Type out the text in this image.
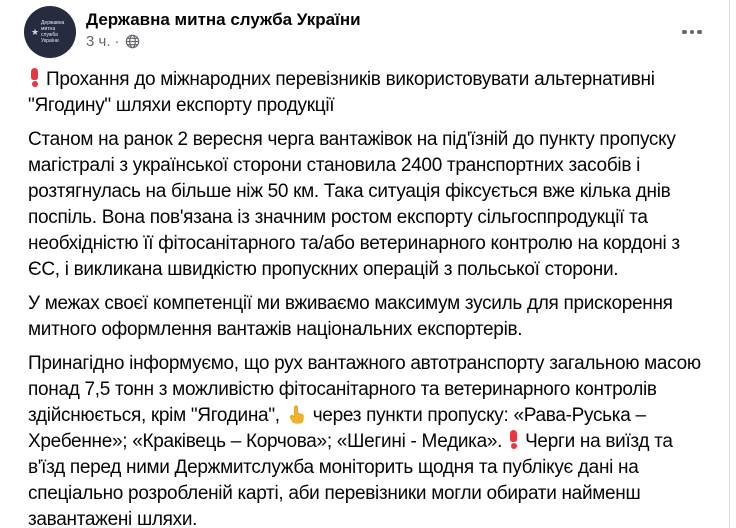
★
Державна митна служба України
Державна митна служба України
3 ч. ·

Прохання до міжнародних перевізників використовувати альтернативні "Ягодину" шляхи експорту продукції

Станом на ранок 2 вересня черга вантажівок на під'їзній до пункту пропуску магістралі з української сторони становила 2400 транспортних засобів і розтягнулась на більше ніж 50 км. Така ситуація фіксується вже кілька днів поспіль. Вона пов'язана із значним ростом експорту сільгосппродукції та необхідністю її фітосанітарного та/або ветеринарного контролю на кордоні з ЄС, і викликана швидкістю пропускних операцій з польської сторони.

У межах своєї компетенції ми вживаємо максимум зусиль для прискорення митного оформлення вантажів національних експортерів.

Принагідно інформуємо, що рух вантажного автотранспорту загальною масою понад 7,5 тонн з можливістю фітосанітарного та ветеринарного контролів здійснюється, крім "Ягодина",
через пункти пропуску: «Рава-Руська – Хребенне»; «Краківець – Корчова»; «Шегині - Медика».  Черги на виїзд та в'їзд перед ними Держмитслужба моніторить щодня та публікує дані на спеціально розробленій карті, аби перевізники могли обирати найменш завантажені шляхи.
